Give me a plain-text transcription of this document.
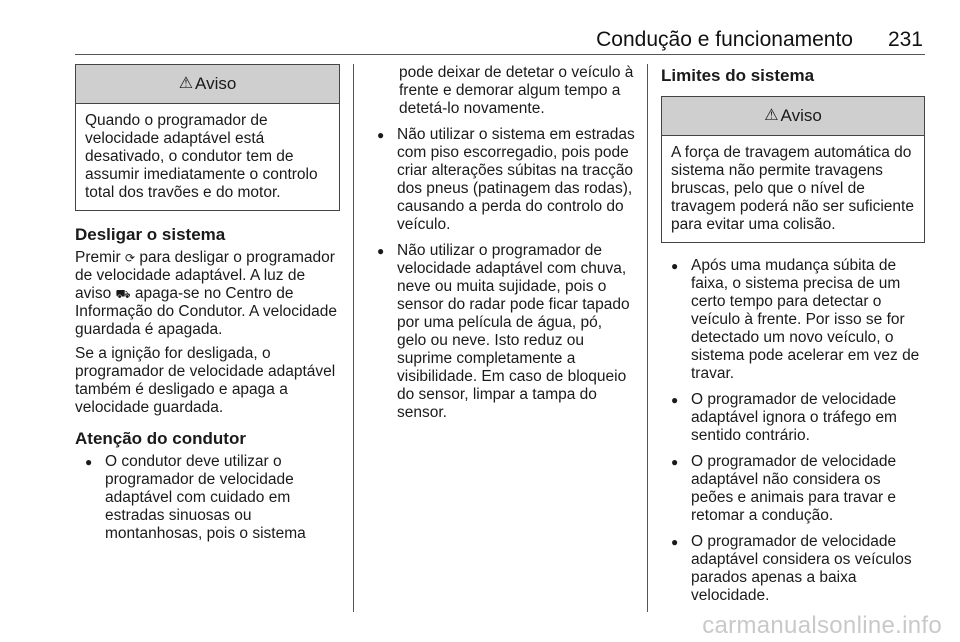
Condução e funcionamento 231
⚠ Aviso
Quando o programador de velocidade adaptável está desativado, o condutor tem de assumir imediatamente o controlo total dos travões e do motor.
Desligar o sistema

Premir ⟳ para desligar o programador de velocidade adaptável. A luz de aviso ⛟ apaga-se no Centro de Informação do Condutor. A velocidade guardada é apagada.

Se a ignição for desligada, o programador de velocidade adaptável também é desligado e apaga a velocidade guardada.

Atenção do condutor
● O condutor deve utilizar o programador de velocidade adaptável com cuidado em estradas sinuosas ou montanhosas, pois o sistema

pode deixar de detetar o veículo à frente e demorar algum tempo a detetá-lo novamente.

● Não utilizar o sistema em estradas com piso escorregadio, pois pode criar alterações súbitas na tracção dos pneus (patinagem das rodas), causando a perda do controlo do veículo.
● Não utilizar o programador de velocidade adaptável com chuva, neve ou muita sujidade, pois o sensor do radar pode ficar tapado por uma película de água, pó, gelo ou neve. Isto reduz ou suprime completamente a visibilidade. Em caso de bloqueio do sensor, limpar a tampa do sensor.
Limites do sistema
⚠ Aviso
A força de travagem automática do sistema não permite travagens bruscas, pelo que o nível de travagem poderá não ser suficiente para evitar uma colisão.
● Após uma mudança súbita de faixa, o sistema precisa de um certo tempo para detectar o veículo à frente. Por isso se for detectado um novo veículo, o sistema pode acelerar em vez de travar.
● O programador de velocidade adaptável ignora o tráfego em sentido contrário.
● O programador de velocidade adaptável não considera os peões e animais para travar e retomar a condução.
● O programador de velocidade adaptável considera os veículos parados apenas a baixa velocidade.
carmanualsonline.info
